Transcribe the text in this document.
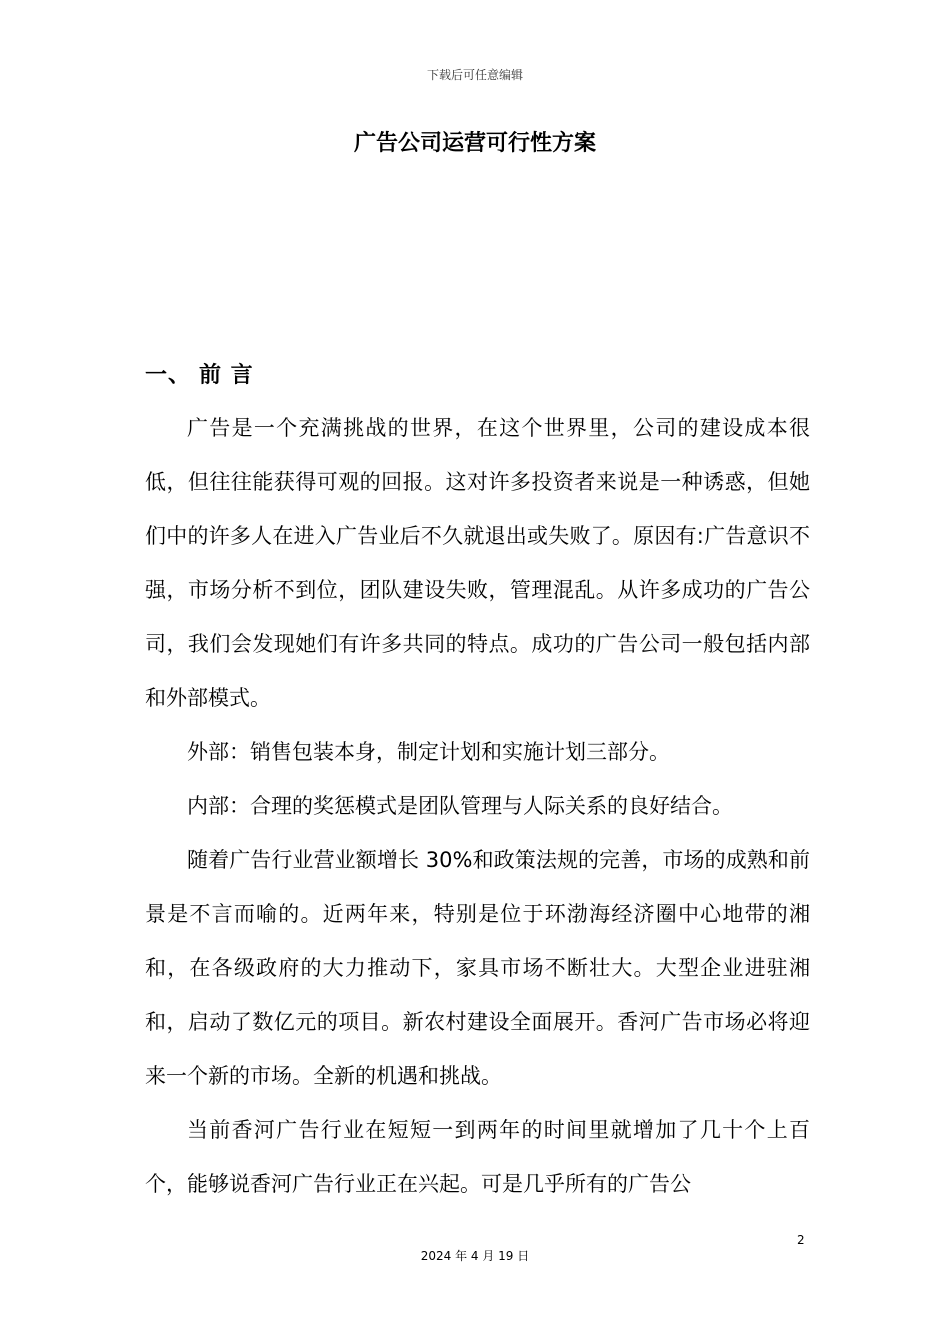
下载后可任意编辑
广告公司运营可行性方案
一、 前 言

广告是一个充满挑战的世界，在这个世界里，公司的建设成本很低，但往往能获得可观的回报。这对许多投资者来说是一种诱惑，但她们中的许多人在进入广告业后不久就退出或失败了。原因有:广告意识不强，市场分析不到位，团队建设失败，管理混乱。从许多成功的广告公司，我们会发现她们有许多共同的特点。成功的广告公司一般包括内部和外部模式。

外部：销售包装本身，制定计划和实施计划三部分。

内部：合理的奖惩模式是团队管理与人际关系的良好结合。

随着广告行业营业额增长 30%和政策法规的完善，市场的成熟和前景是不言而喻的。近两年来，特别是位于环渤海经济圈中心地带的湘和，在各级政府的大力推动下，家具市场不断壮大。大型企业进驻湘和，启动了数亿元的项目。新农村建设全面展开。香河广告市场必将迎来一个新的市场。全新的机遇和挑战。

当前香河广告行业在短短一到两年的时间里就增加了几十个上百个，能够说香河广告行业正在兴起。可是几乎所有的广告公

2
2024 年 4 月 19 日
